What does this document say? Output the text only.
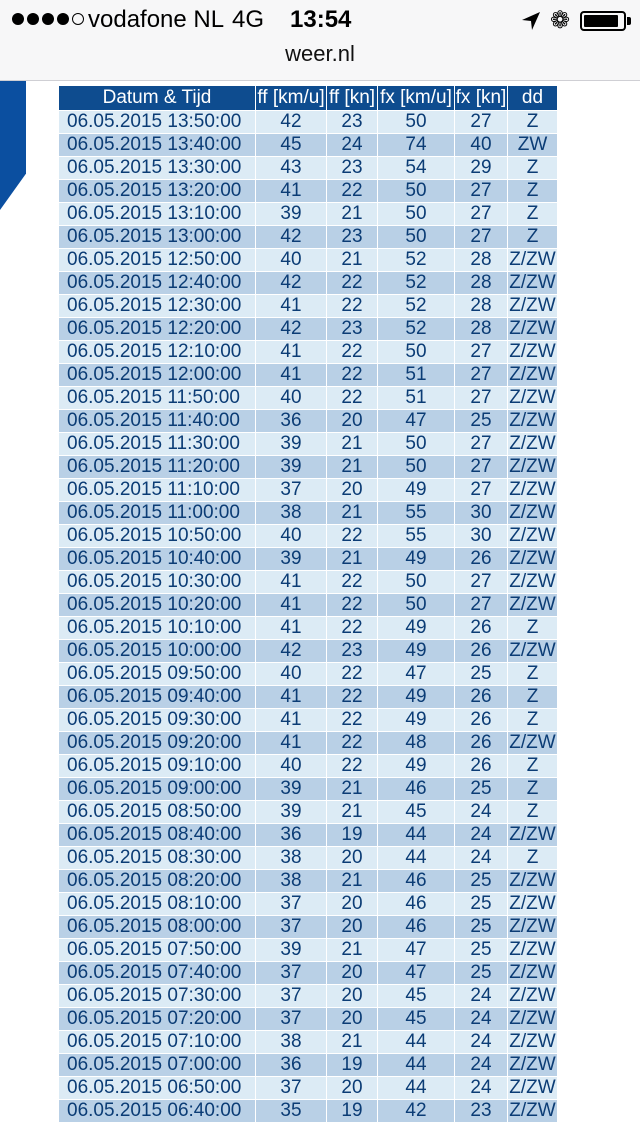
vodafone NL 4G 13:54	❁
weer.nl
Datum & Tijd	ff [km/u]	ff [kn]	fx [km/u]	fx [kn]	dd
06.05.2015 13:50:00	42	23	50	27	Z
06.05.2015 13:40:00	45	24	74	40	ZW
06.05.2015 13:30:00	43	23	54	29	Z
06.05.2015 13:20:00	41	22	50	27	Z
06.05.2015 13:10:00	39	21	50	27	Z
06.05.2015 13:00:00	42	23	50	27	Z
06.05.2015 12:50:00	40	21	52	28	Z/ZW
06.05.2015 12:40:00	42	22	52	28	Z/ZW
06.05.2015 12:30:00	41	22	52	28	Z/ZW
06.05.2015 12:20:00	42	23	52	28	Z/ZW
06.05.2015 12:10:00	41	22	50	27	Z/ZW
06.05.2015 12:00:00	41	22	51	27	Z/ZW
06.05.2015 11:50:00	40	22	51	27	Z/ZW
06.05.2015 11:40:00	36	20	47	25	Z/ZW
06.05.2015 11:30:00	39	21	50	27	Z/ZW
06.05.2015 11:20:00	39	21	50	27	Z/ZW
06.05.2015 11:10:00	37	20	49	27	Z/ZW
06.05.2015 11:00:00	38	21	55	30	Z/ZW
06.05.2015 10:50:00	40	22	55	30	Z/ZW
06.05.2015 10:40:00	39	21	49	26	Z/ZW
06.05.2015 10:30:00	41	22	50	27	Z/ZW
06.05.2015 10:20:00	41	22	50	27	Z/ZW
06.05.2015 10:10:00	41	22	49	26	Z
06.05.2015 10:00:00	42	23	49	26	Z/ZW
06.05.2015 09:50:00	40	22	47	25	Z
06.05.2015 09:40:00	41	22	49	26	Z
06.05.2015 09:30:00	41	22	49	26	Z
06.05.2015 09:20:00	41	22	48	26	Z/ZW
06.05.2015 09:10:00	40	22	49	26	Z
06.05.2015 09:00:00	39	21	46	25	Z
06.05.2015 08:50:00	39	21	45	24	Z
06.05.2015 08:40:00	36	19	44	24	Z/ZW
06.05.2015 08:30:00	38	20	44	24	Z
06.05.2015 08:20:00	38	21	46	25	Z/ZW
06.05.2015 08:10:00	37	20	46	25	Z/ZW
06.05.2015 08:00:00	37	20	46	25	Z/ZW
06.05.2015 07:50:00	39	21	47	25	Z/ZW
06.05.2015 07:40:00	37	20	47	25	Z/ZW
06.05.2015 07:30:00	37	20	45	24	Z/ZW
06.05.2015 07:20:00	37	20	45	24	Z/ZW
06.05.2015 07:10:00	38	21	44	24	Z/ZW
06.05.2015 07:00:00	36	19	44	24	Z/ZW
06.05.2015 06:50:00	37	20	44	24	Z/ZW
06.05.2015 06:40:00	35	19	42	23	Z/ZW
